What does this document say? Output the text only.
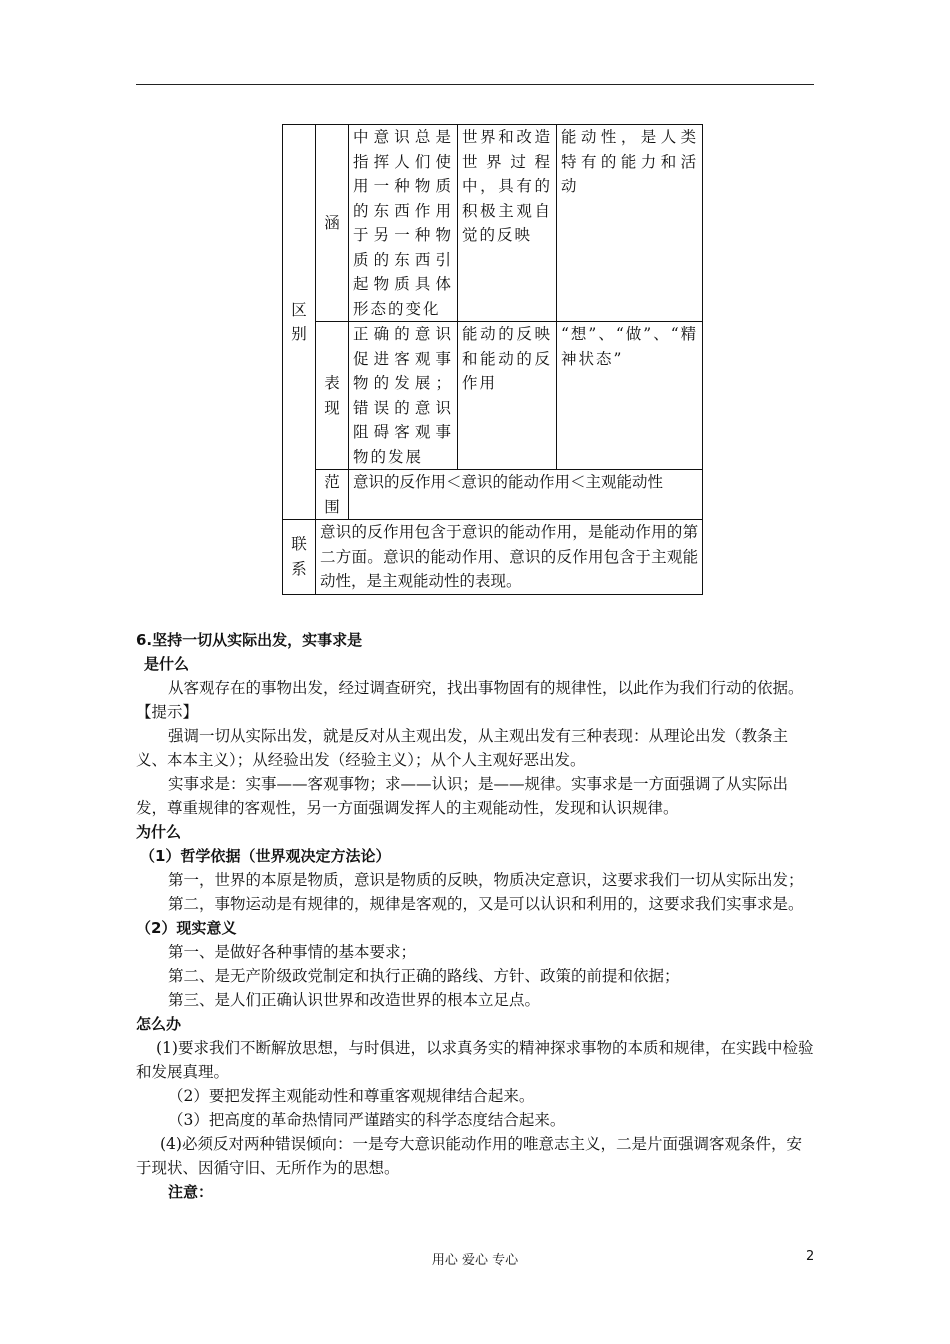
区别	涵	中意识总是指挥人们使用一种物质的东西作用于另一种物质的东西引起物质具体形态的变化	世界和改造世界过程中，具有的积极主观自觉的反映	能动性，是人类特有的能力和活动

	表现	正确的意识促进客观事物的发展；错误的意识阻碍客观事物的发展	能动的反映和能动的反作用	“想”、“做”、“精神状态”

	范围	意识的反作用＜意识的能动作用＜主观能动性		

联系	意识的反作用包含于意识的能动作用，是能动作用的第二方面。意识的能动作用、意识的反作用包含于主观能动性，是主观能动性的表现。			

6.坚持一切从实际出发，实事求是

是什么

从客观存在的事物出发，经过调查研究，找出事物固有的规律性，以此作为我们行动的依据。

【提示】

强调一切从实际出发，就是反对从主观出发，从主观出发有三种表现：从理论出发（教条主义、本本主义）；从经验出发（经验主义）；从个人主观好恶出发。

实事求是：实事——客观事物；求——认识；是——规律。实事求是一方面强调了从实际出发，尊重规律的客观性，另一方面强调发挥人的主观能动性，发现和认识规律。

为什么

（1）哲学依据（世界观决定方法论）

第一，世界的本原是物质，意识是物质的反映，物质决定意识，这要求我们一切从实际出发；

第二，事物运动是有规律的，规律是客观的，又是可以认识和利用的，这要求我们实事求是。

（2）现实意义

第一、是做好各种事情的基本要求；

第二、是无产阶级政党制定和执行正确的路线、方针、政策的前提和依据；

第三、是人们正确认识世界和改造世界的根本立足点。

怎么办

(1)要求我们不断解放思想，与时俱进，以求真务实的精神探求事物的本质和规律，在实践中检验和发展真理。

（2）要把发挥主观能动性和尊重客观规律结合起来。

（3）把高度的革命热情同严谨踏实的科学态度结合起来。

(4)必须反对两种错误倾向：一是夸大意识能动作用的唯意志主义，二是片面强调客观条件，安于现状、因循守旧、无所作为的思想。

注意：

用心 爱心 专心	2
